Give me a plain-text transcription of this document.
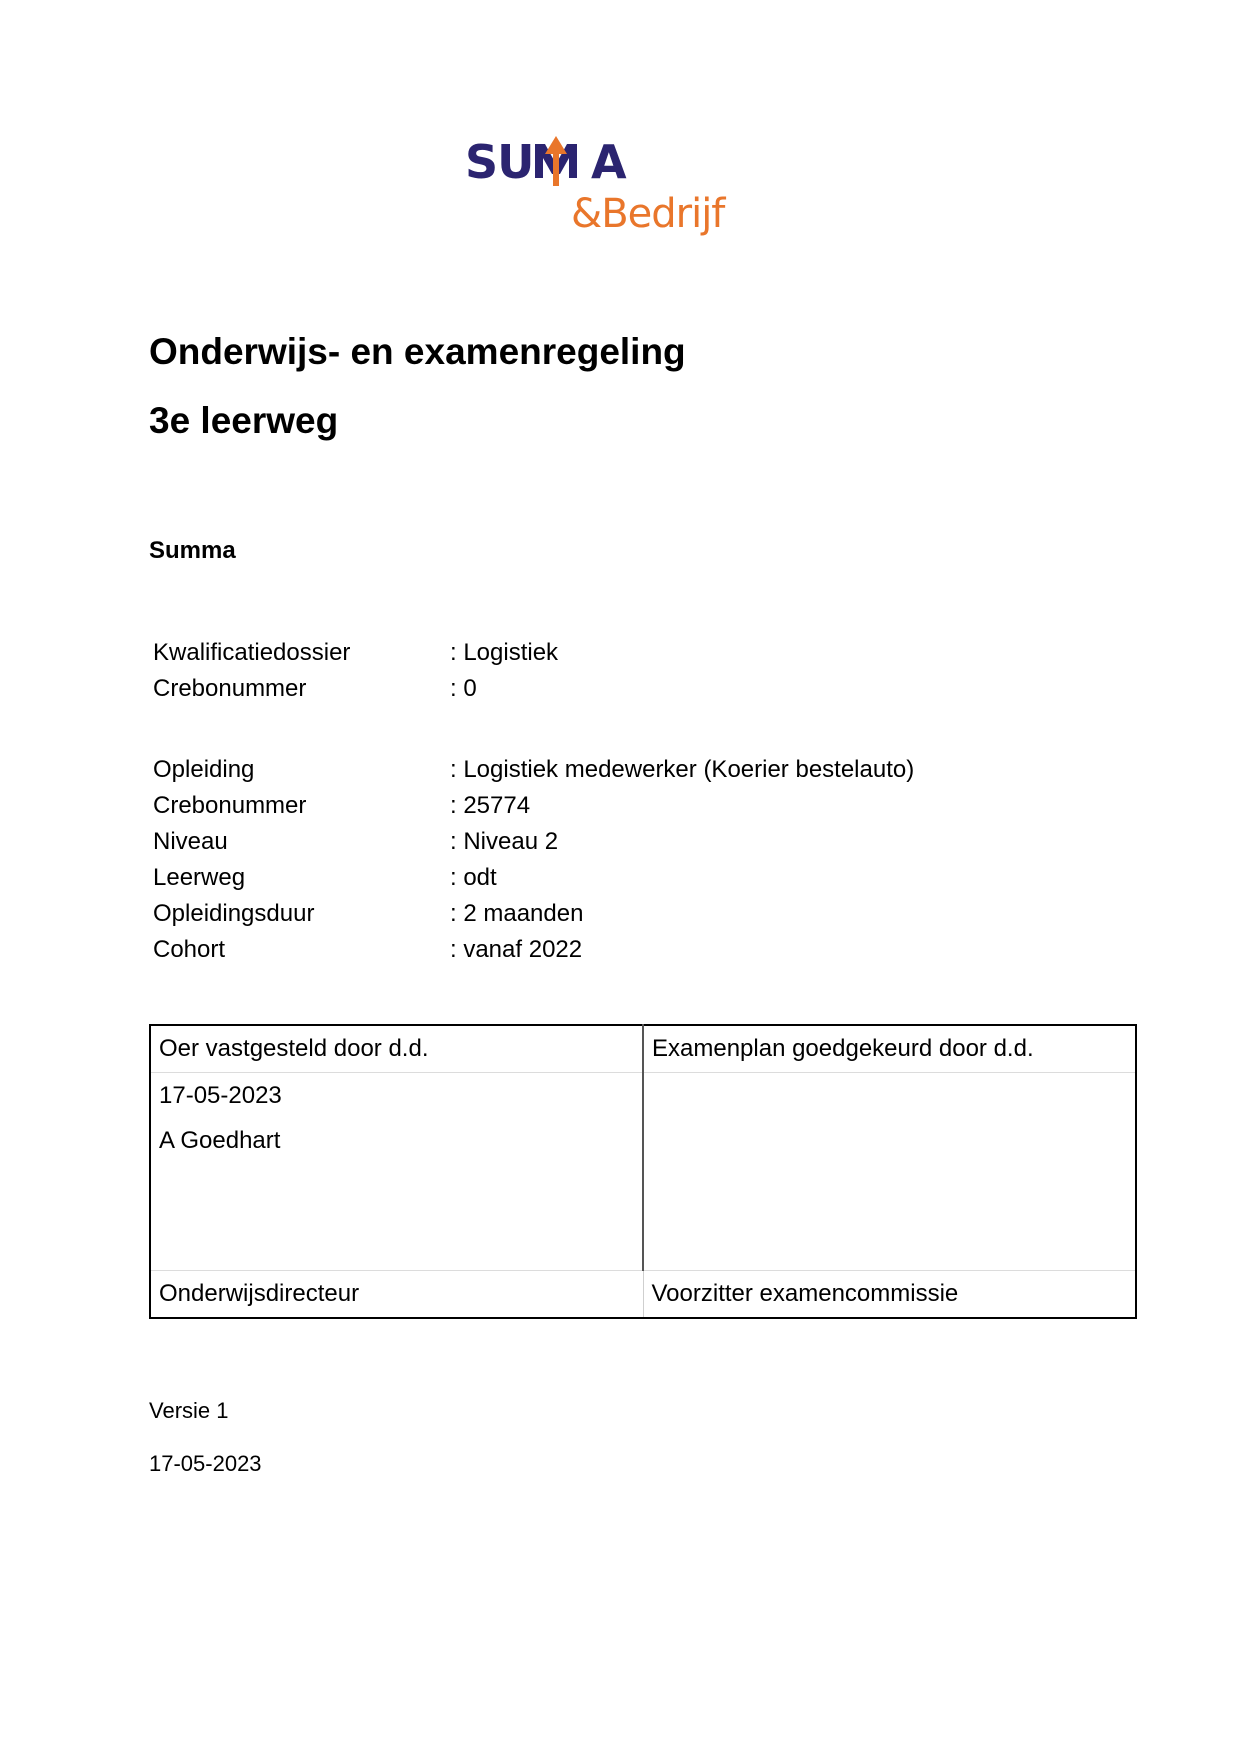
SU A
&Bedrijf
Onderwijs- en examenregeling
3e leerweg

Summa

Kwalificatiedossier	: Logistiek
Crebonummer	: 0
Opleiding	: Logistiek medewerker (Koerier bestelauto)
Crebonummer	: 25774
Niveau	: Niveau 2
Leerweg	: odt
Opleidingsduur	: 2 maanden
Cohort	: vanaf 2022
Oer vastgesteld door d.d.	Examenplan goedgekeurd door d.d.

17-05-2023
A Goedhart	

Onderwijsdirecteur	Voorzitter examencommissie

Versie 1

17-05-2023
